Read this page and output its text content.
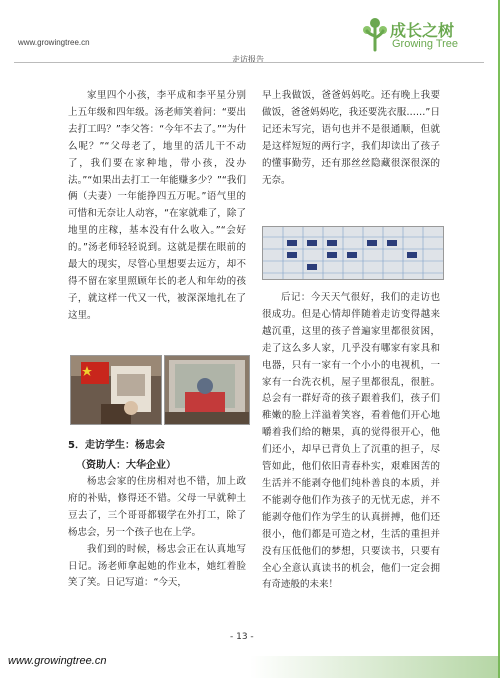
www.growingtree.cn
成长之树
Growing Tree
走访报告

家里四个小孩，李平成和李平星分别上五年级和四年级。汤老师笑着问：“要出去打工吗？”李父答：“今年不去了。”“为什么呢？”“父母老了，地里的活儿干不动了，我们要在家种地，带小孩，没办法。”“如果出去打工一年能赚多少？”“我们俩（夫妻）一年能挣四五万呢。”语气里的可惜和无奈让人动容，“在家就难了，除了地里的庄稼，基本没有什么收入。”“会好的。”汤老师轻轻说到。这就是摆在眼前的最大的现实，尽管心里想要去远方，却不得不留在家里照顾年长的老人和年幼的孩子，就这样一代又一代，被深深地扎在了这里。

5．走访学生：杨忠会
（资助人：大华企业）

杨忠会家的住房相对也不错，加上政府的补贴，修得还不错。父母一早就种土豆去了，三个哥哥都辍学在外打工，除了杨忠会，另一个孩子也在上学。

我们到的时候，杨忠会正在认真地写日记。汤老师拿起她的作业本，她红着脸笑了笑。日记写道：“今天，

早上我做饭，爸爸妈妈吃。还有晚上我要做饭，爸爸妈妈吃，我还要洗衣服……”日记还未写完，语句也并不是很通顺，但就是这样短短的两行字，我们却读出了孩子的懂事勤劳，还有那丝丝隐藏很深很深的无奈。

后记：今天天气很好，我们的走访也很成功。但是心情却伴随着走访变得越来越沉重，这里的孩子普遍家里都很贫困，走了这么多人家，几乎没有哪家有家具和电器，只有一家有一个小小的电视机，一家有一台洗衣机，屋子里都很乱，很脏。总会有一群好奇的孩子跟着我们，孩子们稚嫩的脸上洋溢着笑容，看着他们开心地嚼着我们给的糖果，真的觉得很开心，他们还小，却早已背负上了沉重的担子，尽管如此，他们依旧青春朴实，艰难困苦的生活并不能剥夺他们纯朴善良的本质，并不能剥夺他们作为孩子的无忧无虑，并不能剥夺他们作为学生的认真拼搏，他们还很小，他们都是可造之材，生活的重担并没有压低他们的梦想，只要读书，只要有全心全意认真读书的机会，他们一定会拥有奇迹般的未来！

- 13 -
www.growingtree.cn
